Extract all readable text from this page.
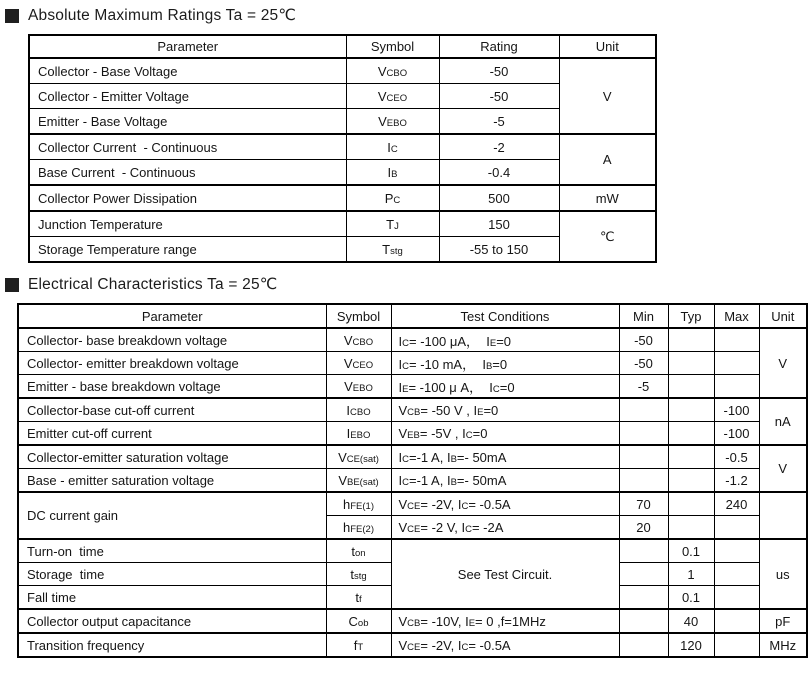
Absolute Maximum Ratings Ta = 25℃
Parameter	Symbol	Rating	Unit
Collector - Base Voltage	VCBO	-50	V
Collector - Emitter Voltage	VCEO	-50	
Emitter - Base Voltage	VEBO	-5	
Collector Current  - Continuous	IC	-2	A
Base Current  - Continuous	IB	-0.4	
Collector Power Dissipation	PC	500	mW
Junction Temperature	TJ	150	℃
Storage Temperature range	Tstg	-55 to 150	
Electrical Characteristics Ta = 25℃
Parameter	Symbol	Test Conditions	Min	Typ	Max	Unit
Collector- base breakdown voltage	VCBO	IC= -100 μA，  IE=0	-50			V
Collector- emitter breakdown voltage	VCEO	IC= -10 mA，  IB=0	-50			
Emitter - base breakdown voltage	VEBO	IE= -100 μ A，  IC=0	-5			
Collector-base cut-off current	ICBO	VCB= -50 V , IE=0			-100	nA
Emitter cut-off current	IEBO	VEB= -5V , IC=0			-100	
Collector-emitter saturation voltage	VCE(sat)	IC=-1 A, IB=- 50mA			-0.5	V
Base - emitter saturation voltage	VBE(sat)	IC=-1 A, IB=- 50mA			-1.2	
DC current gain	hFE(1)	VCE= -2V, IC= -0.5A	70		240	
	hFE(2)	VCE= -2 V, IC= -2A	20			
Turn-on  time	ton	See Test Circuit.		0.1		us
Storage  time	tstg			1		
Fall time	tf			0.1		
Collector output capacitance	Cob	VCB= -10V, IE= 0 ,f=1MHz		40		pF
Transition frequency	fT	VCE= -2V, IC= -0.5A		120		MHz
